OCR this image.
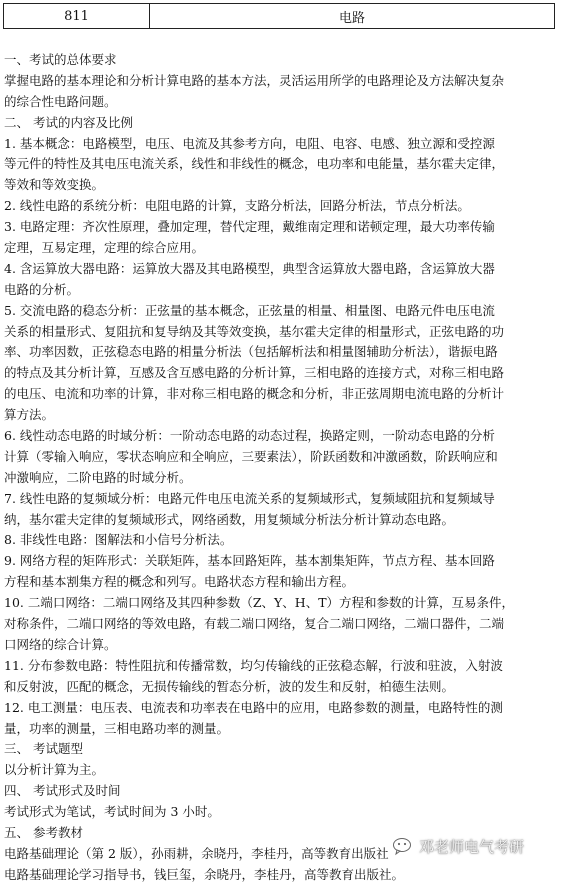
811	电路
一、考试的总体要求
掌握电路的基本理论和分析计算电路的基本方法，灵活运用所学的电路理论及方法解决复杂
的综合性电路问题。
二、 考试的内容及比例
1. 基本概念：电路模型，电压、电流及其参考方向，电阻、电容、电感、独立源和受控源
等元件的特性及其电压电流关系，线性和非线性的概念，电功率和电能量，基尔霍夫定律，
等效和等效变换。
2. 线性电路的系统分析：电阻电路的计算，支路分析法，回路分析法，节点分析法。
3. 电路定理：齐次性原理，叠加定理，替代定理，戴维南定理和诺顿定理，最大功率传输
定理，互易定理，定理的综合应用。
4. 含运算放大器电路：运算放大器及其电路模型，典型含运算放大器电路，含运算放大器
电路的分析。
5. 交流电路的稳态分析：正弦量的基本概念，正弦量的相量、相量图、电路元件电压电流
关系的相量形式、复阻抗和复导纳及其等效变换，基尔霍夫定律的相量形式，正弦电路的功
率、功率因数，正弦稳态电路的相量分析法（包括解析法和相量图辅助分析法），谐振电路
的特点及其分析计算，互感及含互感电路的分析计算，三相电路的连接方式，对称三相电路
的电压、电流和功率的计算，非对称三相电路的概念和分析，非正弦周期电流电路的分析计
算方法。
6. 线性动态电路的时域分析：一阶动态电路的动态过程，换路定则，一阶动态电路的分析
计算（零输入响应，零状态响应和全响应，三要素法），阶跃函数和冲激函数，阶跃响应和
冲激响应，二阶电路的时域分析。
7. 线性电路的复频域分析：电路元件电压电流关系的复频域形式，复频域阻抗和复频域导
纳，基尔霍夫定律的复频域形式，网络函数，用复频域分析法分析计算动态电路。
8. 非线性电路：图解法和小信号分析法。
9. 网络方程的矩阵形式：关联矩阵，基本回路矩阵，基本割集矩阵，节点方程、基本回路
方程和基本割集方程的概念和列写。电路状态方程和输出方程。
10. 二端口网络：二端口网络及其四种参数（Z、Y、H、T）方程和参数的计算，互易条件，
对称条件，二端口网络的等效电路，有载二端口网络，复合二端口网络，二端口器件，二端
口网络的综合计算。
11. 分布参数电路：特性阻抗和传播常数，均匀传输线的正弦稳态解，行波和驻波，入射波
和反射波，匹配的概念，无损传输线的暂态分析，波的发生和反射，柏德生法则。
12. 电工测量：电压表、电流表和功率表在电路中的应用，电路参数的测量，电路特性的测
量，功率的测量，三相电路功率的测量。
三、 考试题型
以分析计算为主。
四、 考试形式及时间
考试形式为笔试，考试时间为 3 小时。
五、 参考教材
电路基础理论（第 2 版），孙雨耕，余晓丹，李桂丹，高等教育出版社
电路基础理论学习指导书，钱巨玺，余晓丹，李桂丹，高等教育出版社。
邓老师电气考研
